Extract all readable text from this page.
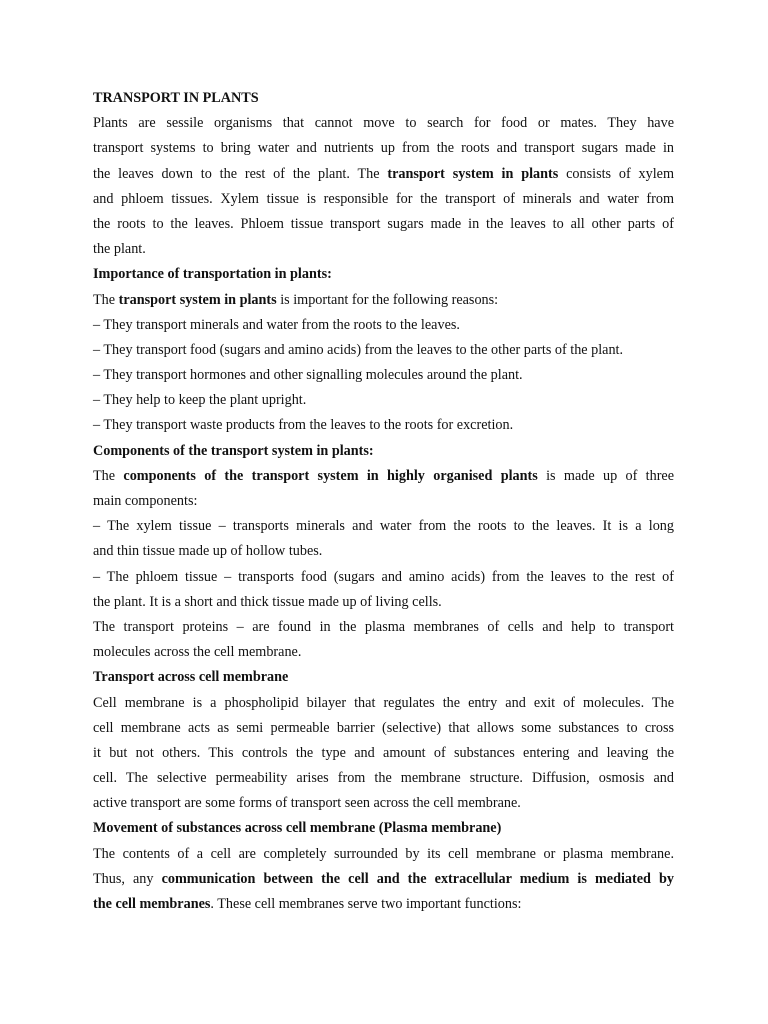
TRANSPORT IN PLANTS
Plants are sessile organisms that cannot move to search for food or mates. They have
transport systems to bring water and nutrients up from the roots and transport sugars made in
the leaves down to the rest of the plant. The transport system in plants consists of xylem
and phloem tissues. Xylem tissue is responsible for the transport of minerals and water from
the roots to the leaves. Phloem tissue transport sugars made in the leaves to all other parts of
the plant.
Importance of transportation in plants:
The transport system in plants is important for the following reasons:
– They transport minerals and water from the roots to the leaves.
– They transport food (sugars and amino acids) from the leaves to the other parts of the plant.
– They transport hormones and other signalling molecules around the plant.
– They help to keep the plant upright.
– They transport waste products from the leaves to the roots for excretion.
Components of the transport system in plants:
The components of the transport system in highly organised plants is made up of three
main components:
– The xylem tissue – transports minerals and water from the roots to the leaves. It is a long
and thin tissue made up of hollow tubes.
– The phloem tissue – transports food (sugars and amino acids) from the leaves to the rest of
the plant. It is a short and thick tissue made up of living cells.
The transport proteins – are found in the plasma membranes of cells and help to transport
molecules across the cell membrane.
Transport across cell membrane
Cell membrane is a phospholipid bilayer that regulates the entry and exit of molecules. The
cell membrane acts as semi permeable barrier (selective) that allows some substances to cross
it but not others. This controls the type and amount of substances entering and leaving the
cell. The selective permeability arises from the membrane structure. Diffusion, osmosis and
active transport are some forms of transport seen across the cell membrane.
Movement of substances across cell membrane (Plasma membrane)
The contents of a cell are completely surrounded by its cell membrane or plasma membrane.
Thus, any communication between the cell and the extracellular medium is mediated by
the cell membranes. These cell membranes serve two important functions:
